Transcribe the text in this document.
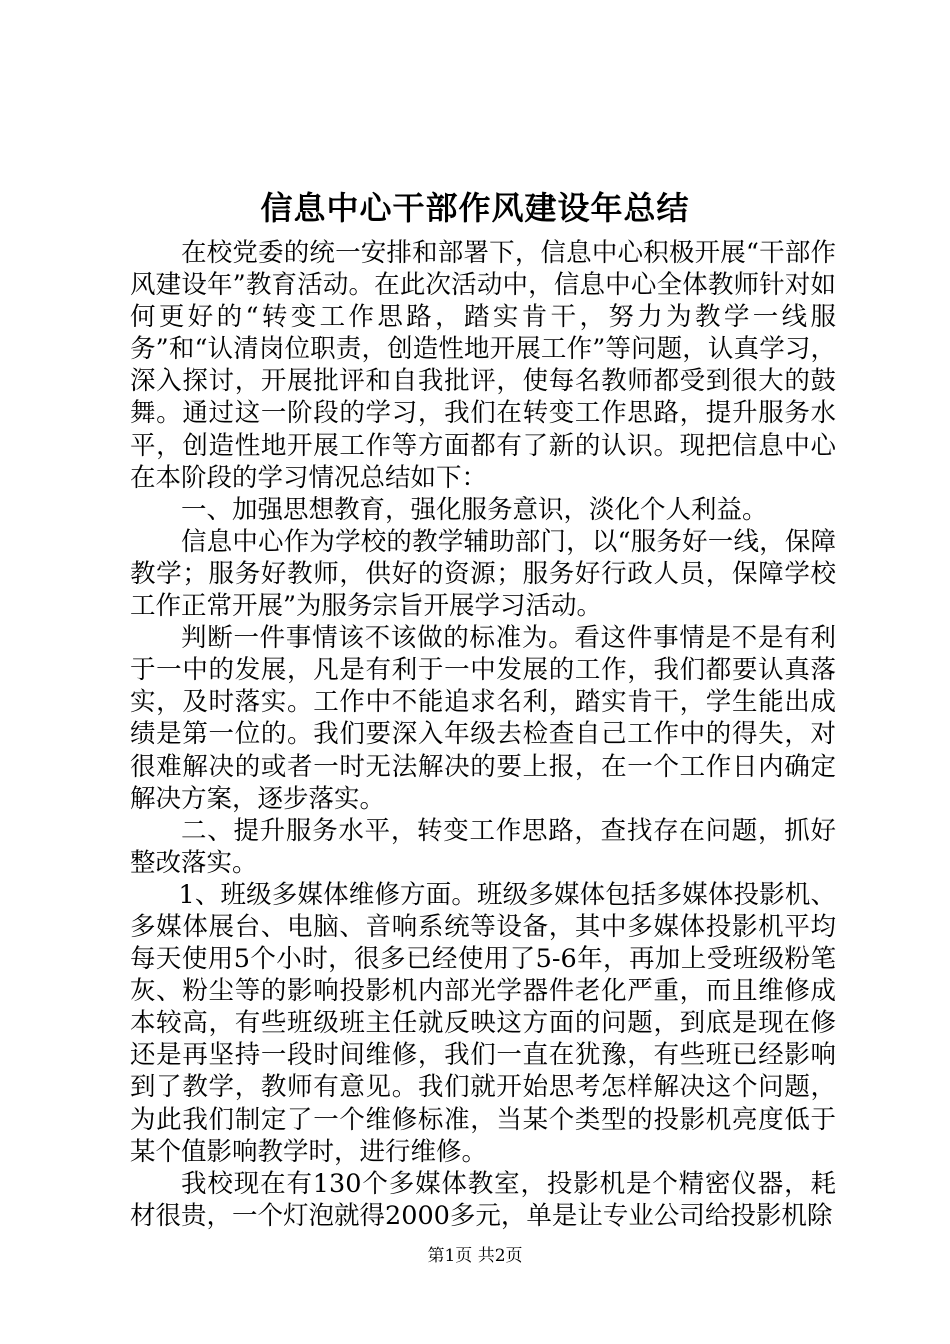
信息中心干部作风建设年总结

在校党委的统一安排和部署下，信息中心积极开展“干部作风建设年”教育活动。在此次活动中，信息中心全体教师针对如何更好的“转变工作思路，踏实肯干，努力为教学一线服务”和“认清岗位职责，创造性地开展工作”等问题，认真学习，深入探讨，开展批评和自我批评，使每名教师都受到很大的鼓舞。通过这一阶段的学习，我们在转变工作思路，提升服务水平，创造性地开展工作等方面都有了新的认识。现把信息中心在本阶段的学习情况总结如下：

一、加强思想教育，强化服务意识，淡化个人利益。

信息中心作为学校的教学辅助部门，以“服务好一线，保障教学；服务好教师，供好的资源；服务好行政人员，保障学校工作正常开展”为服务宗旨开展学习活动。

判断一件事情该不该做的标准为。看这件事情是不是有利于一中的发展，凡是有利于一中发展的工作，我们都要认真落实，及时落实。工作中不能追求名利，踏实肯干，学生能出成绩是第一位的。我们要深入年级去检查自己工作中的得失，对很难解决的或者一时无法解决的要上报，在一个工作日内确定解决方案，逐步落实。

二、提升服务水平，转变工作思路，查找存在问题，抓好整改落实。

1、班级多媒体维修方面。班级多媒体包括多媒体投影机、多媒体展台、电脑、音响系统等设备，其中多媒体投影机平均每天使用5个小时，很多已经使用了5-6年，再加上受班级粉笔灰、粉尘等的影响投影机内部光学器件老化严重，而且维修成本较高，有些班级班主任就反映这方面的问题，到底是现在修还是再坚持一段时间维修，我们一直在犹豫，有些班已经影响到了教学，教师有意见。我们就开始思考怎样解决这个问题，为此我们制定了一个维修标准，当某个类型的投影机亮度低于某个值影响教学时，进行维修。

我校现在有130个多媒体教室，投影机是个精密仪器，耗材很贵，一个灯泡就得2000多元，单是让专业公司给投影机除

第1页 共2页
